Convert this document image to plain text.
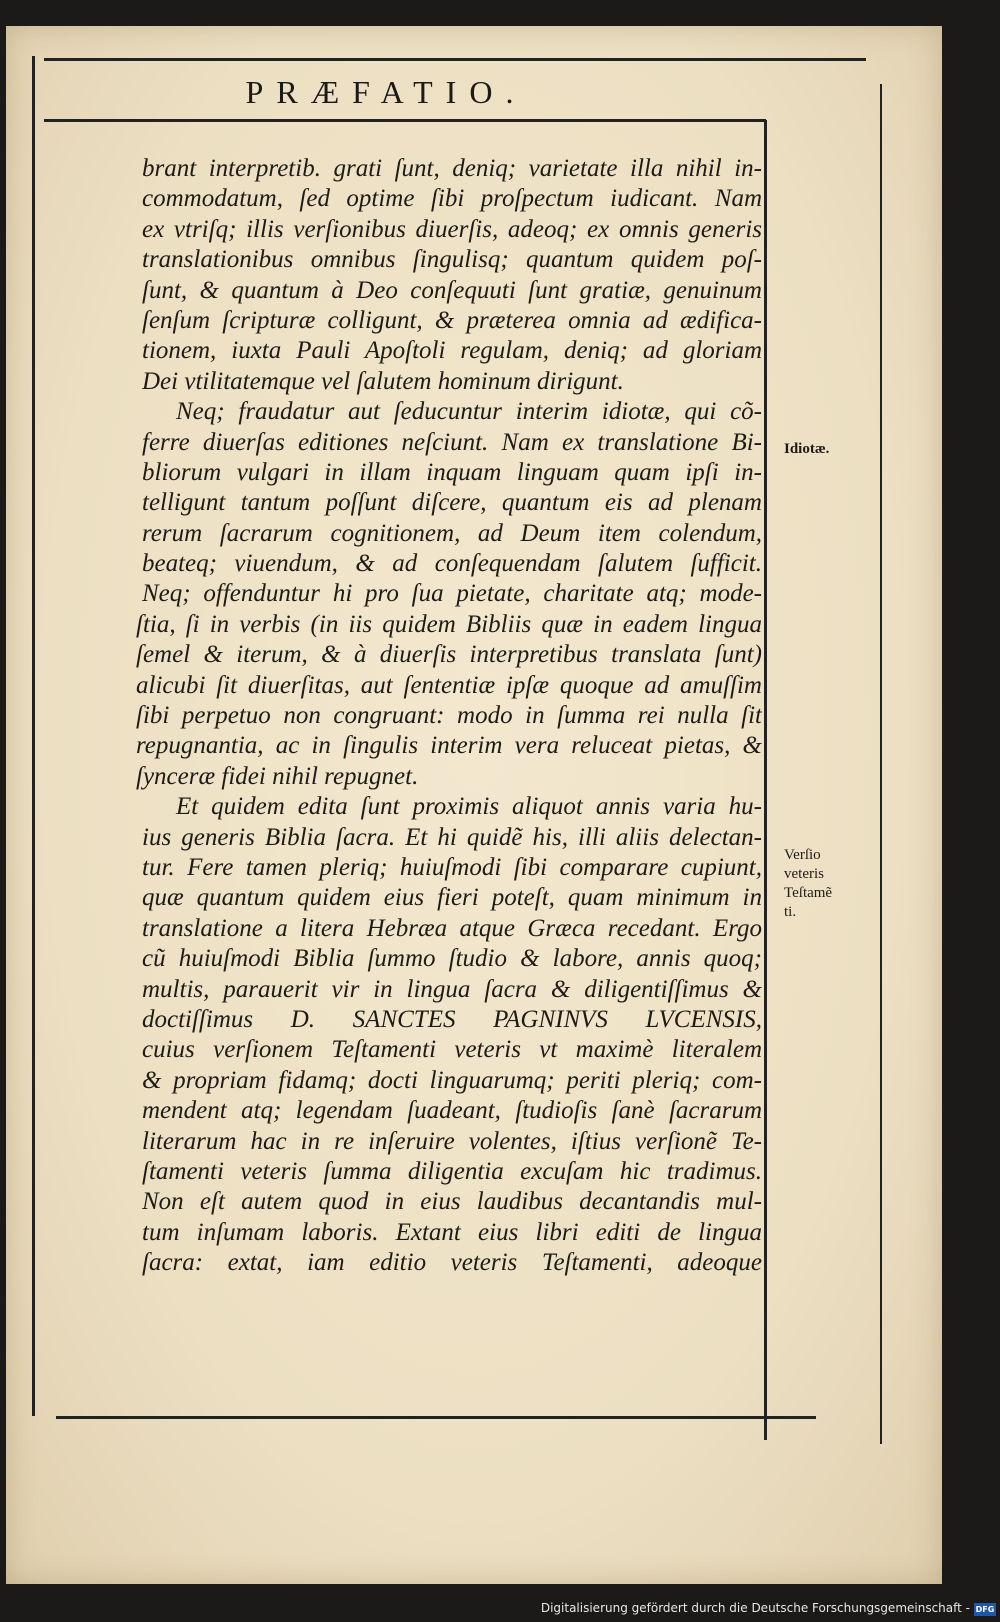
PRÆFATIO.
brant interpretib. grati ſunt, deniq; varietate illa nihil in-
commodatum, ſed optime ſibi proſpectum iudicant. Nam
ex vtriſq; illis verſionibus diuerſis, adeoq; ex omnis generis
translationibus omnibus ſingulisq; quantum quidem poſ-
ſunt, & quantum à Deo conſequuti ſunt gratiæ, genuinum
ſenſum ſcripturæ colligunt, & præterea omnia ad ædifica-
tionem, iuxta Pauli Apoſtoli regulam, deniq; ad gloriam
Dei vtilitatemque vel ſalutem hominum dirigunt.
Neq; fraudatur aut ſeducuntur interim idiotæ, qui cõ-
ferre diuerſas editiones neſciunt. Nam ex translatione Bi-
bliorum vulgari in illam inquam linguam quam ipſi in-
telligunt tantum poſſunt diſcere, quantum eis ad plenam
rerum ſacrarum cognitionem, ad Deum item colendum,
beateq; viuendum, & ad conſequendam ſalutem ſufficit.
Neq; offenduntur hi pro ſua pietate, charitate atq; mode-
ſtia, ſi in verbis (in iis quidem Bibliis quæ in eadem lingua
ſemel & iterum, & à diuerſis interpretibus translata ſunt)
alicubi ſit diuerſitas, aut ſententiæ ipſæ quoque ad amuſſim
ſibi perpetuo non congruant: modo in ſumma rei nulla ſit
repugnantia, ac in ſingulis interim vera reluceat pietas, &
ſynceræ fidei nihil repugnet.
Et quidem edita ſunt proximis aliquot annis varia hu-
ius generis Biblia ſacra. Et hi quidẽ his, illi aliis delectan-
tur. Fere tamen pleriq; huiuſmodi ſibi comparare cupiunt,
quæ quantum quidem eius fieri poteſt, quam minimum in
translatione a litera Hebræa atque Græca recedant. Ergo
cũ huiuſmodi Biblia ſummo ſtudio & labore, annis quoq;
multis, parauerit vir in lingua ſacra & diligentiſſimus &
doctiſſimus D. SANCTES PAGNINVS LVCENSIS,
cuius verſionem Teſtamenti veteris vt maximè literalem
& propriam fidamq; docti linguarumq; periti pleriq; com-
mendent atq; legendam ſuadeant, ſtudioſis ſanè ſacrarum
literarum hac in re inſeruire volentes, iſtius verſionẽ Te-
ſtamenti veteris ſumma diligentia excuſam hic tradimus.
Non eſt autem quod in eius laudibus decantandis mul-
tum inſumam laboris. Extant eius libri editi de lingua
ſacra: extat, iam editio veteris Teſtamenti, adeoque
Idiotæ.
Verſio
veteris
Teſtamẽ
ti.
Digitalisierung gefördert durch die Deutsche Forschungsgemeinschaft - DFG
